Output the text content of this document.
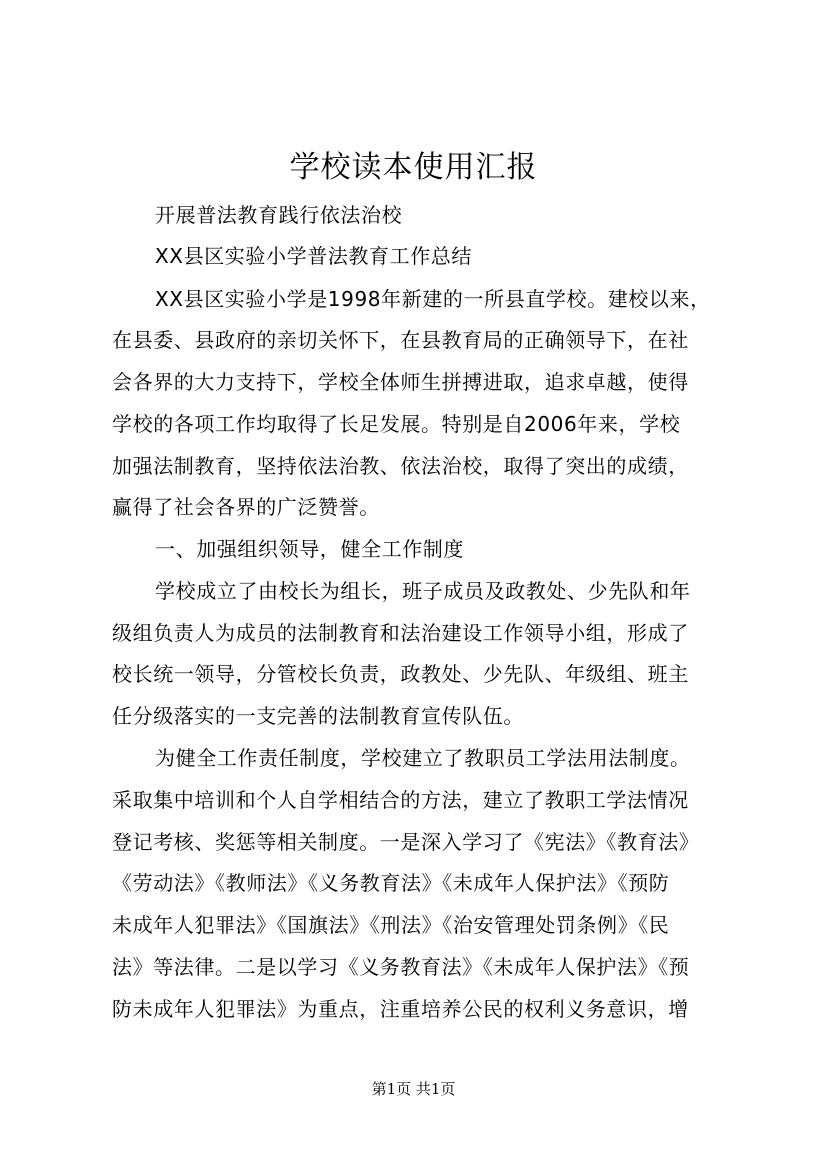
学校读本使用汇报
开展普法教育践行依法治校
XX县区实验小学普法教育工作总结
XX县区实验小学是1998年新建的一所县直学校。建校以来，
在县委、县政府的亲切关怀下，在县教育局的正确领导下，在社
会各界的大力支持下，学校全体师生拼搏进取，追求卓越，使得
学校的各项工作均取得了长足发展。特别是自2006年来，学校
加强法制教育，坚持依法治教、依法治校，取得了突出的成绩，
赢得了社会各界的广泛赞誉。
一、加强组织领导，健全工作制度
学校成立了由校长为组长，班子成员及政教处、少先队和年
级组负责人为成员的法制教育和法治建设工作领导小组，形成了
校长统一领导，分管校长负责，政教处、少先队、年级组、班主
任分级落实的一支完善的法制教育宣传队伍。
为健全工作责任制度，学校建立了教职员工学法用法制度。
采取集中培训和个人自学相结合的方法，建立了教职工学法情况
登记考核、奖惩等相关制度。一是深入学习了《宪法》《教育法》
《劳动法》《教师法》《义务教育法》《未成年人保护法》《预防
未成年人犯罪法》《国旗法》《刑法》《治安管理处罚条例》《民
法》等法律。二是以学习《义务教育法》《未成年人保护法》《预
防未成年人犯罪法》为重点，注重培养公民的权利义务意识，增
第1页 共1页
